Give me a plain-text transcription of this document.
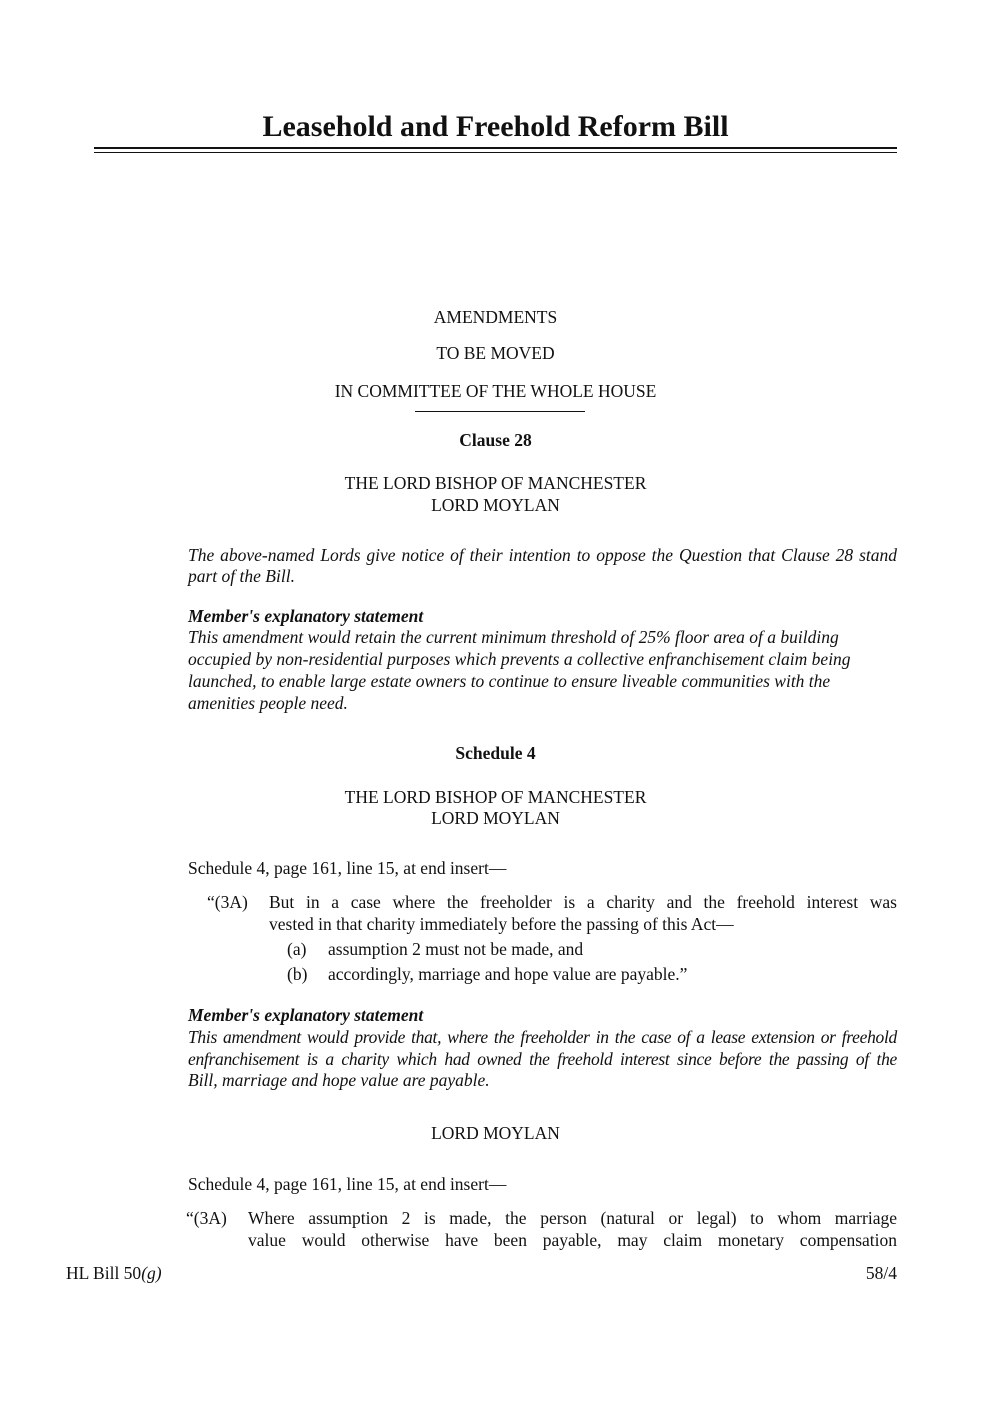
Leasehold and Freehold Reform Bill
AMENDMENTS
TO BE MOVED
IN COMMITTEE OF THE WHOLE HOUSE
Clause 28
THE LORD BISHOP OF MANCHESTER
LORD MOYLAN
The above-named Lords give notice of their intention to oppose the Question that Clause 28 stand
part of the Bill.
Member's explanatory statement
This amendment would retain the current minimum threshold of 25% floor area of a building
occupied by non-residential purposes which prevents a collective enfranchisement claim being
launched, to enable large estate owners to continue to ensure liveable communities with the
amenities people need.
Schedule 4
THE LORD BISHOP OF MANCHESTER
LORD MOYLAN
Schedule 4, page 161, line 15, at end insert—
“(3A) But in a case where the freeholder is a charity and the freehold interest was
vested in that charity immediately before the passing of this Act—
(a) assumption 2 must not be made, and
(b) accordingly, marriage and hope value are payable.”
Member's explanatory statement
This amendment would provide that, where the freeholder in the case of a lease extension or freehold
enfranchisement is a charity which had owned the freehold interest since before the passing of the
Bill, marriage and hope value are payable.
LORD MOYLAN
Schedule 4, page 161, line 15, at end insert—
“(3A) Where assumption 2 is made, the person (natural or legal) to whom marriage
value would otherwise have been payable, may claim monetary compensation
HL Bill 50(g)	58/4
